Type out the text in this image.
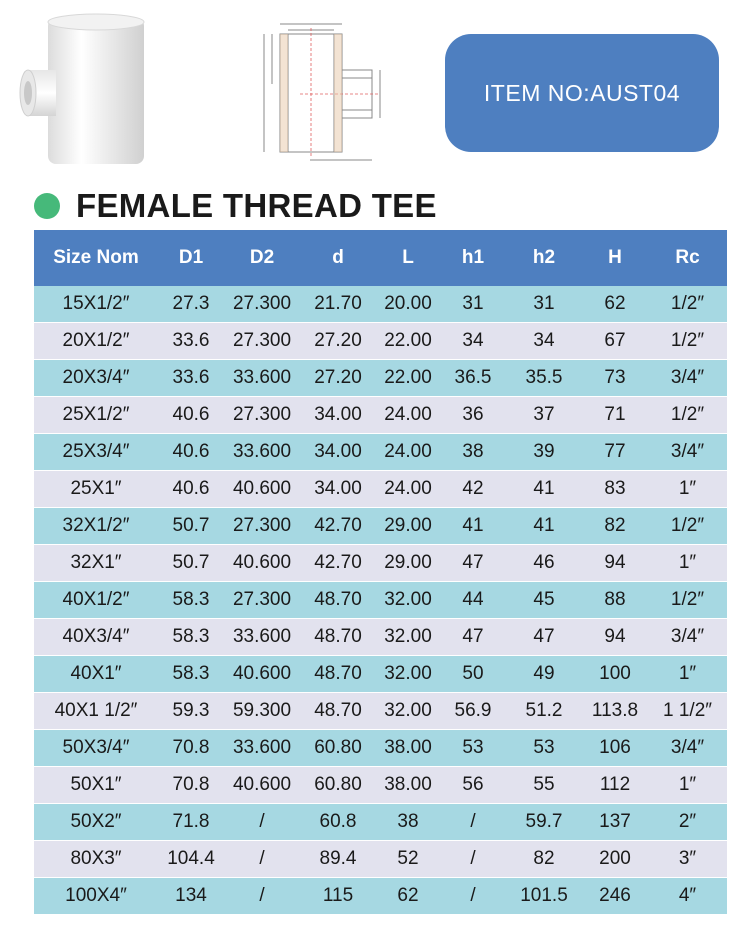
ITEM NO:AUST04
FEMALE THREAD TEE
Size Nom	D1	D2	d	L	h1	h2	H	Rc
15X1/2″	27.3	27.300	21.70	20.00	31	31	62	1/2″
20X1/2″	33.6	27.300	27.20	22.00	34	34	67	1/2″
20X3/4″	33.6	33.600	27.20	22.00	36.5	35.5	73	3/4″
25X1/2″	40.6	27.300	34.00	24.00	36	37	71	1/2″
25X3/4″	40.6	33.600	34.00	24.00	38	39	77	3/4″
25X1″	40.6	40.600	34.00	24.00	42	41	83	1″
32X1/2″	50.7	27.300	42.70	29.00	41	41	82	1/2″
32X1″	50.7	40.600	42.70	29.00	47	46	94	1″
40X1/2″	58.3	27.300	48.70	32.00	44	45	88	1/2″
40X3/4″	58.3	33.600	48.70	32.00	47	47	94	3/4″
40X1″	58.3	40.600	48.70	32.00	50	49	100	1″
40X1 1/2″	59.3	59.300	48.70	32.00	56.9	51.2	113.8	1 1/2″
50X3/4″	70.8	33.600	60.80	38.00	53	53	106	3/4″
50X1″	70.8	40.600	60.80	38.00	56	55	112	1″
50X2″	71.8	/	60.8	38	/	59.7	137	2″
80X3″	104.4	/	89.4	52	/	82	200	3″
100X4″	134	/	115	62	/	101.5	246	4″
